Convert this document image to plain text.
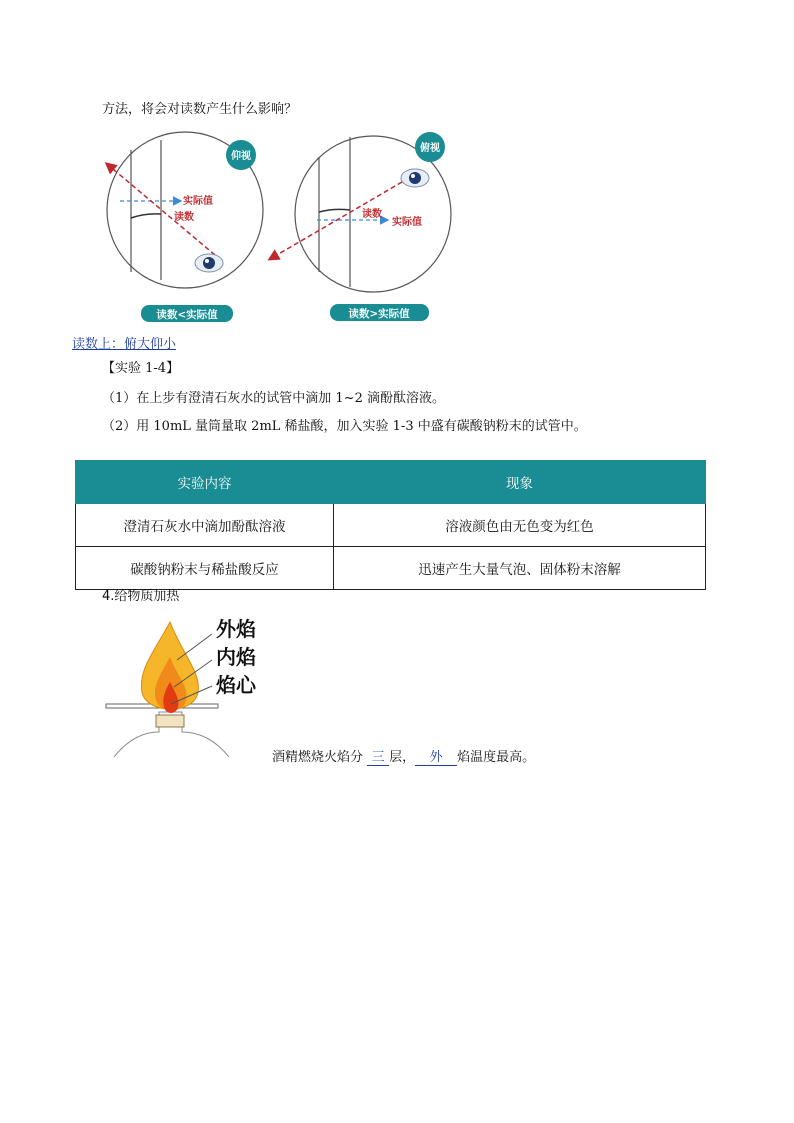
方法，将会对读数产生什么影响？
实际值
读数
仰视
读数<实际值
读数
实际值
俯视
读数>实际值
读数上：俯大仰小
【实验 1-4】
（1）在上步有澄清石灰水的试管中滴加 1~2 滴酚酞溶液。
（2）用 10mL 量筒量取 2mL 稀盐酸，加入实验 1-3 中盛有碳酸钠粉末的试管中。
实验内容	现象
澄清石灰水中滴加酚酞溶液	溶液颜色由无色变为红色
碳酸钠粉末与稀盐酸反应	迅速产生大量气泡、固体粉末溶解
4.给物质加热
外焰
内焰
焰心
酒精燃烧火焰分 三 层， 外 焰温度最高。
